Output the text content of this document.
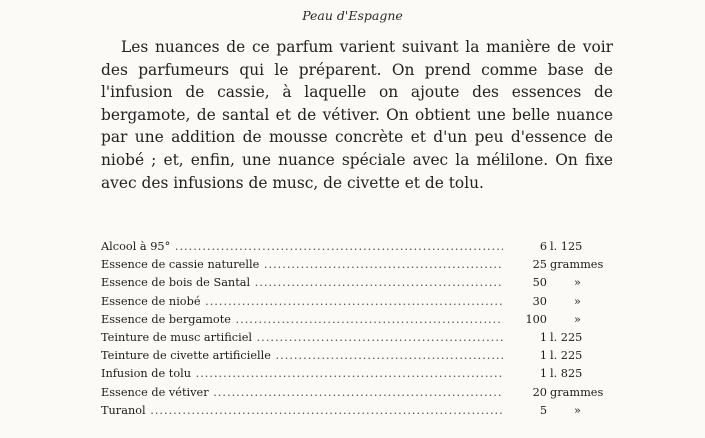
Peau d'Espagne

Les nuances de ce parfum varient suivant la manière de voir des parfumeurs qui le préparent. On prend comme base de l'infusion de cassie, à laquelle on ajoute des essences de bergamote, de santal et de vétiver. On obtient une belle nuance par une addition de mousse concrète et d'un peu d'essence de niobé ; et, enfin, une nuance spéciale avec la mélilone. On fixe avec des infusions de musc, de civette et de tolu.

Alcool à 95° .....	6 l. 125
Essence de cassie naturelle .....	25 grammes
Essence de bois de Santal .....	50	»
Essence de niobé .....	30	»
Essence de bergamote .....	100	»
Teinture de musc artificiel .....	1 l. 225
Teinture de civette artificielle .....	1 l. 225
Infusion de tolu .....	1 l. 825
Essence de vétiver .....	20 grammes
Turanol .....	5	»
